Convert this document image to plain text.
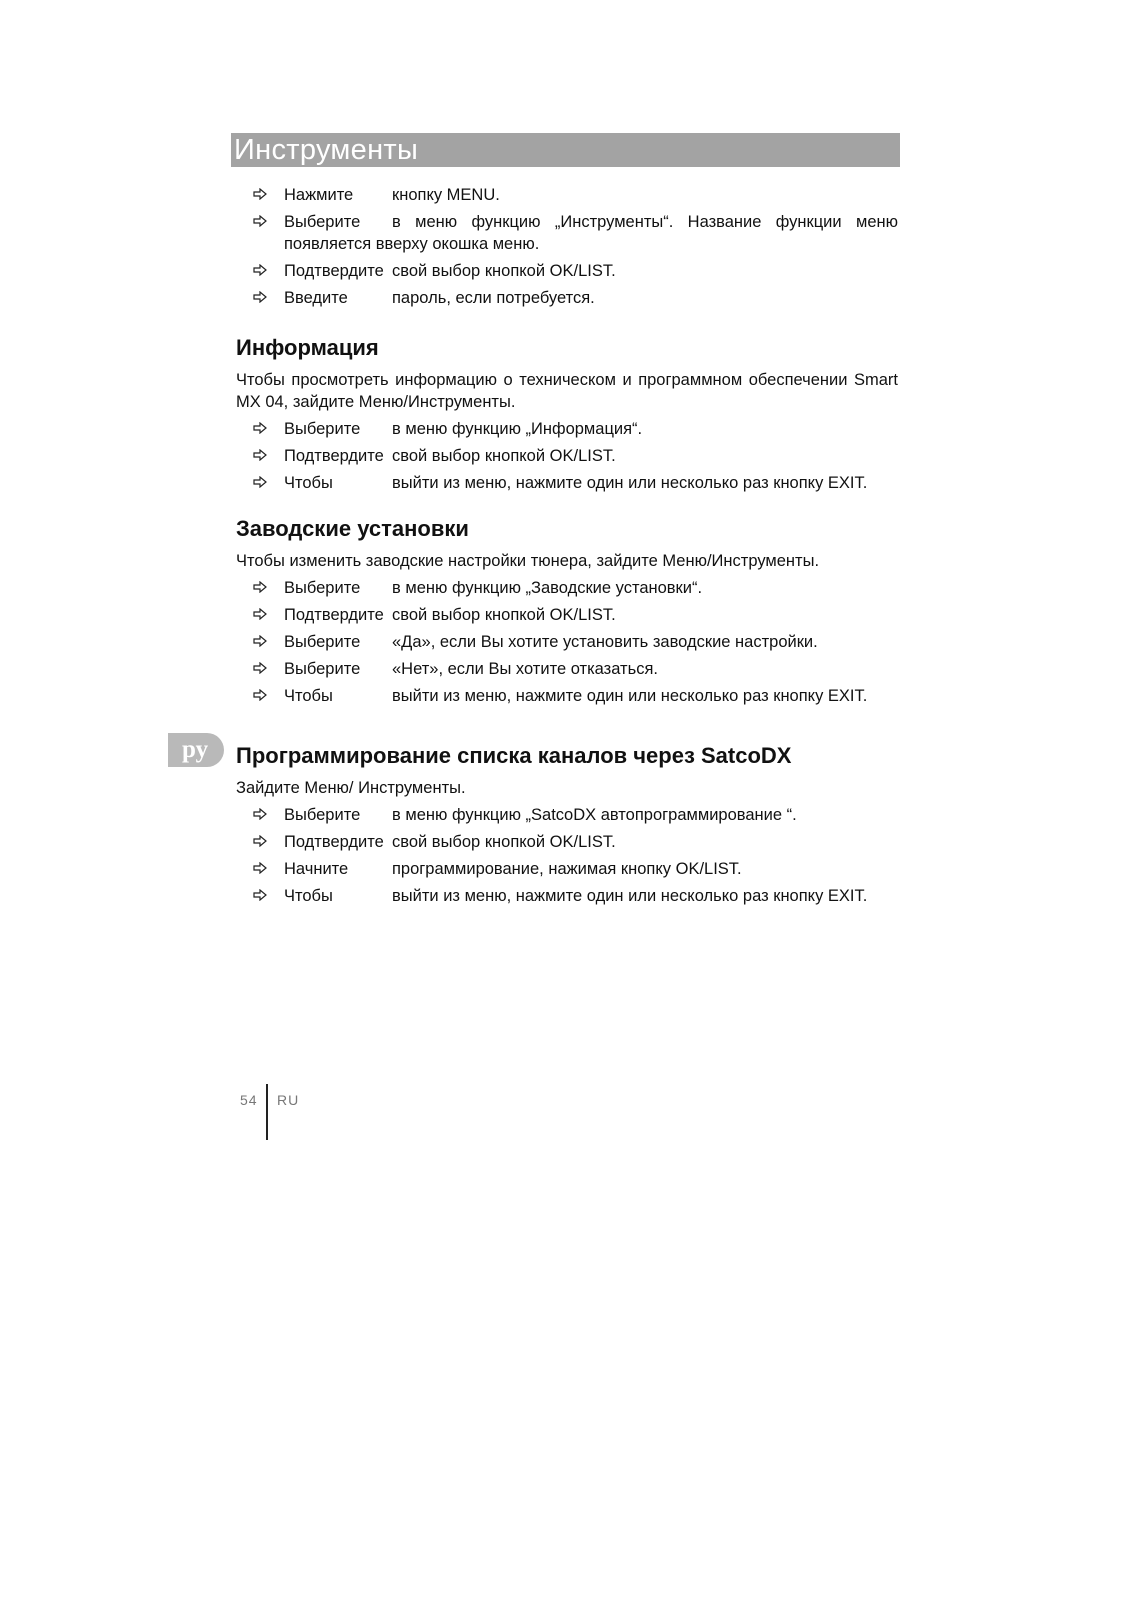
Инструменты
ру
Нажмите кнопку MENU.
Выберите в меню функцию „Инструменты“. Название функции меню появляется вверху окошка меню.
Подтвердите свой выбор кнопкой OK/LIST.
Введите	пароль, если потребуется.
Информация
Чтобы просмотреть информацию о техническом и программном обеспечении Smart MX 04, зайдите Меню/Инструменты.
Выберите в меню функцию „Информация“.
Подтвердите свой выбор кнопкой OK/LIST.
Чтобы	выйти из меню, нажмите один или несколько раз кнопку EXIT.
Заводские установки
Чтобы изменить заводские настройки тюнера, зайдите Меню/Инструменты.
Выберите в меню функцию „Заводские установки“.
Подтвердите свой выбор кнопкой OK/LIST.
Выберите «Да», если Вы хотите установить заводские настройки.
Выберите «Нет», если Вы хотите отказаться.
Чтобы	выйти из меню, нажмите один или несколько раз кнопку EXIT.
Программирование списка каналов через SatcoDX
Зайдите Меню/ Инструменты.
Выберите в меню функцию „SatcoDX автопрограммирование “.
Подтвердите свой выбор кнопкой OK/LIST.
Начните	программирование, нажимая кнопку OK/LIST.
Чтобы	выйти из меню, нажмите один или несколько раз кнопку EXIT.
54 RU
